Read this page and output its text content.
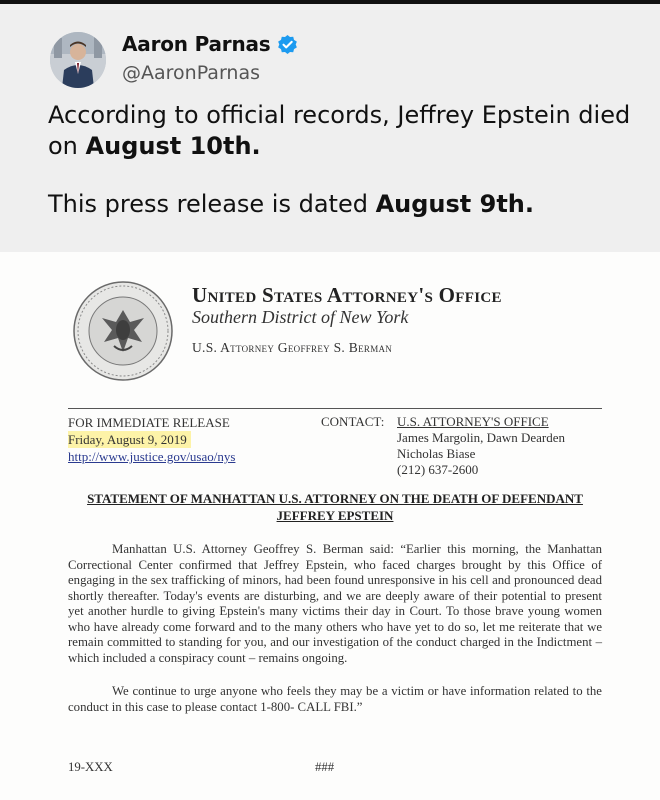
Aaron Parnas
@AaronParnas

According to official records, Jeffrey Epstein died on August 10th.

This press release is dated August 9th.

United States Attorney's Office
Southern District of New York
U.S. Attorney Geoffrey S. Berman
FOR IMMEDIATE RELEASE
Friday, August 9, 2019
http://www.justice.gov/usao/nys
CONTACT: U.S. ATTORNEY'S OFFICE
James Margolin, Dawn Dearden
Nicholas Biase
(212) 637-2600
STATEMENT OF MANHATTAN U.S. ATTORNEY ON THE DEATH OF DEFENDANT JEFFREY EPSTEIN

Manhattan U.S. Attorney Geoffrey S. Berman said: “Earlier this morning, the Manhattan Correctional Center confirmed that Jeffrey Epstein, who faced charges brought by this Office of engaging in the sex trafficking of minors, had been found unresponsive in his cell and pronounced dead shortly thereafter. Today's events are disturbing, and we are deeply aware of their potential to present yet another hurdle to giving Epstein's many victims their day in Court. To those brave young women who have already come forward and to the many others who have yet to do so, let me reiterate that we remain committed to standing for you, and our investigation of the conduct charged in the Indictment – which included a conspiracy count – remains ongoing.

We continue to urge anyone who feels they may be a victim or have information related to the conduct in this case to please contact 1-800- CALL FBI.”

19-XXX	###
